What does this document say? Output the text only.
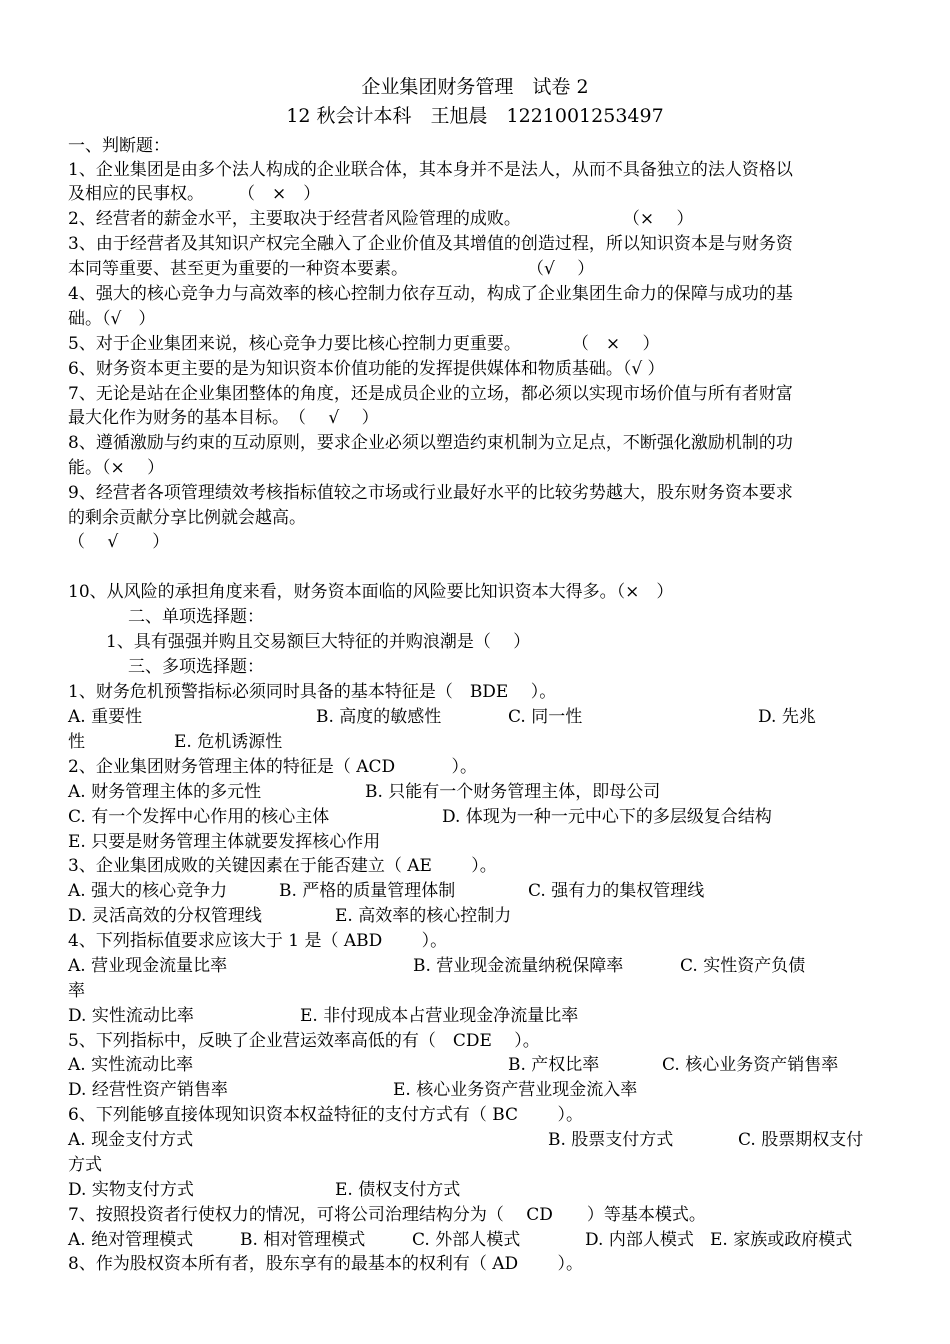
企业集团财务管理　试卷 2
12 秋会计本科　王旭晨　1221001253497
一、判断题：
1、企业集团是由多个法人构成的企业联合体，其本身并不是法人，从而不具备独立的法人资格以
及相应的民事权。　　　（　×　）
2、经营者的薪金水平，主要取决于经营者风险管理的成败。　　　　　　　（×　 ）
3、由于经营者及其知识产权完全融入了企业价值及其增值的创造过程，所以知识资本是与财务资
本同等重要、甚至更为重要的一种资本要素。　　　　　　　　（√　 ）
4、强大的核心竞争力与高效率的核心控制力依存互动，构成了企业集团生命力的保障与成功的基
础。（√　）
5、对于企业集团来说，核心竞争力要比核心控制力更重要。　　　　（　×　 ）
6、财务资本更主要的是为知识资本价值功能的发挥提供媒体和物质基础。（√ ）
7、无论是站在企业集团整体的角度，还是成员企业的立场，都必须以实现市场价值与所有者财富
最大化作为财务的基本目标。　（　 √　 ）
8、遵循激励与约束的互动原则，要求企业必须以塑造约束机制为立足点，不断强化激励机制的功
能。（×　 ）
9、经营者各项管理绩效考核指标值较之市场或行业最好水平的比较劣势越大，股东财务资本要求
的剩余贡献分享比例就会越高。
（　 √　　）
10、从风险的承担角度来看，财务资本面临的风险要比知识资本大得多。（×　）
二、单项选择题：
1、具有强强并购且交易额巨大特征的并购浪潮是（　 ）
三、多项选择题：
1、财务危机预警指标必须同时具备的基本特征是（　BDE　 ）。
A. 重要性	B. 高度的敏感性	C. 同一性	D. 先兆
性	E. 危机诱源性
2、企业集团财务管理主体的特征是（ ACD　　　 ）。
A. 财务管理主体的多元性	B. 只能有一个财务管理主体，即母公司
C. 有一个发挥中心作用的核心主体	D. 体现为一种一元中心下的多层级复合结构
E. 只要是财务管理主体就要发挥核心作用
3、企业集团成败的关键因素在于能否建立（ AE　　 ）。
A. 强大的核心竞争力	B. 严格的质量管理体制	C. 强有力的集权管理线
D. 灵活高效的分权管理线	E. 高效率的核心控制力
4、下列指标值要求应该大于 1 是（ ABD　　 ）。
A. 营业现金流量比率	B. 营业现金流量纳税保障率	C. 实性资产负债
率
D. 实性流动比率	E. 非付现成本占营业现金净流量比率
5、下列指标中，反映了企业营运效率高低的有（　CDE　 ）。
A. 实性流动比率	B. 产权比率	C. 核心业务资产销售率
D. 经营性资产销售率	E. 核心业务资产营业现金流入率
6、下列能够直接体现知识资本权益特征的支付方式有（ BC　　 ）。
A. 现金支付方式	B. 股票支付方式	C. 股票期权支付
方式
D. 实物支付方式	E. 债权支付方式
7、按照投资者行使权力的情况，可将公司治理结构分为（　 CD　　）等基本模式。
A. 绝对管理模式	B. 相对管理模式	C. 外部人模式	D. 内部人模式 E. 家族或政府模式
8、作为股权资本所有者，股东享有的最基本的权利有（ AD　　 ）。
